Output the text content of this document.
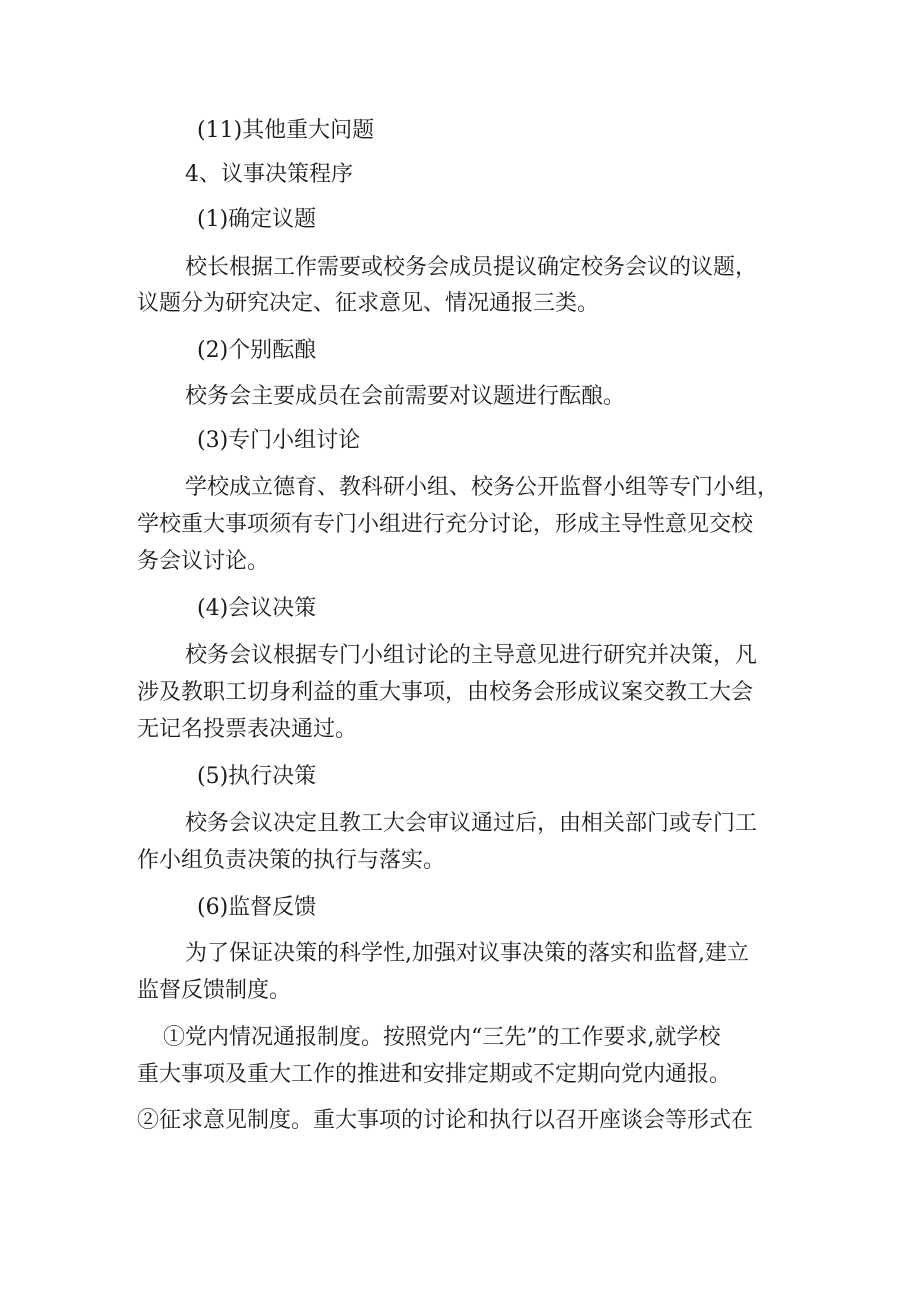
(11)其他重大问题
4、议事决策程序
(1)确定议题
校长根据工作需要或校务会成员提议确定校务会议的议题，
议题分为研究决定、征求意见、情况通报三类。
(2)个别酝酿
校务会主要成员在会前需要对议题进行酝酿。
(3)专门小组讨论
学校成立德育、教科研小组、校务公开监督小组等专门小组，
学校重大事项须有专门小组进行充分讨论，形成主导性意见交校
务会议讨论。
(4)会议决策
校务会议根据专门小组讨论的主导意见进行研究并决策，凡
涉及教职工切身利益的重大事项，由校务会形成议案交教工大会
无记名投票表决通过。
(5)执行决策
校务会议决定且教工大会审议通过后，由相关部门或专门工
作小组负责决策的执行与落实。
(6)监督反馈
为了保证决策的科学性,加强对议事决策的落实和监督,建立
监督反馈制度。
①党内情况通报制度。按照党内“三先”的工作要求,就学校
重大事项及重大工作的推进和安排定期或不定期向党内通报。
②征求意见制度。重大事项的讨论和执行以召开座谈会等形式在
